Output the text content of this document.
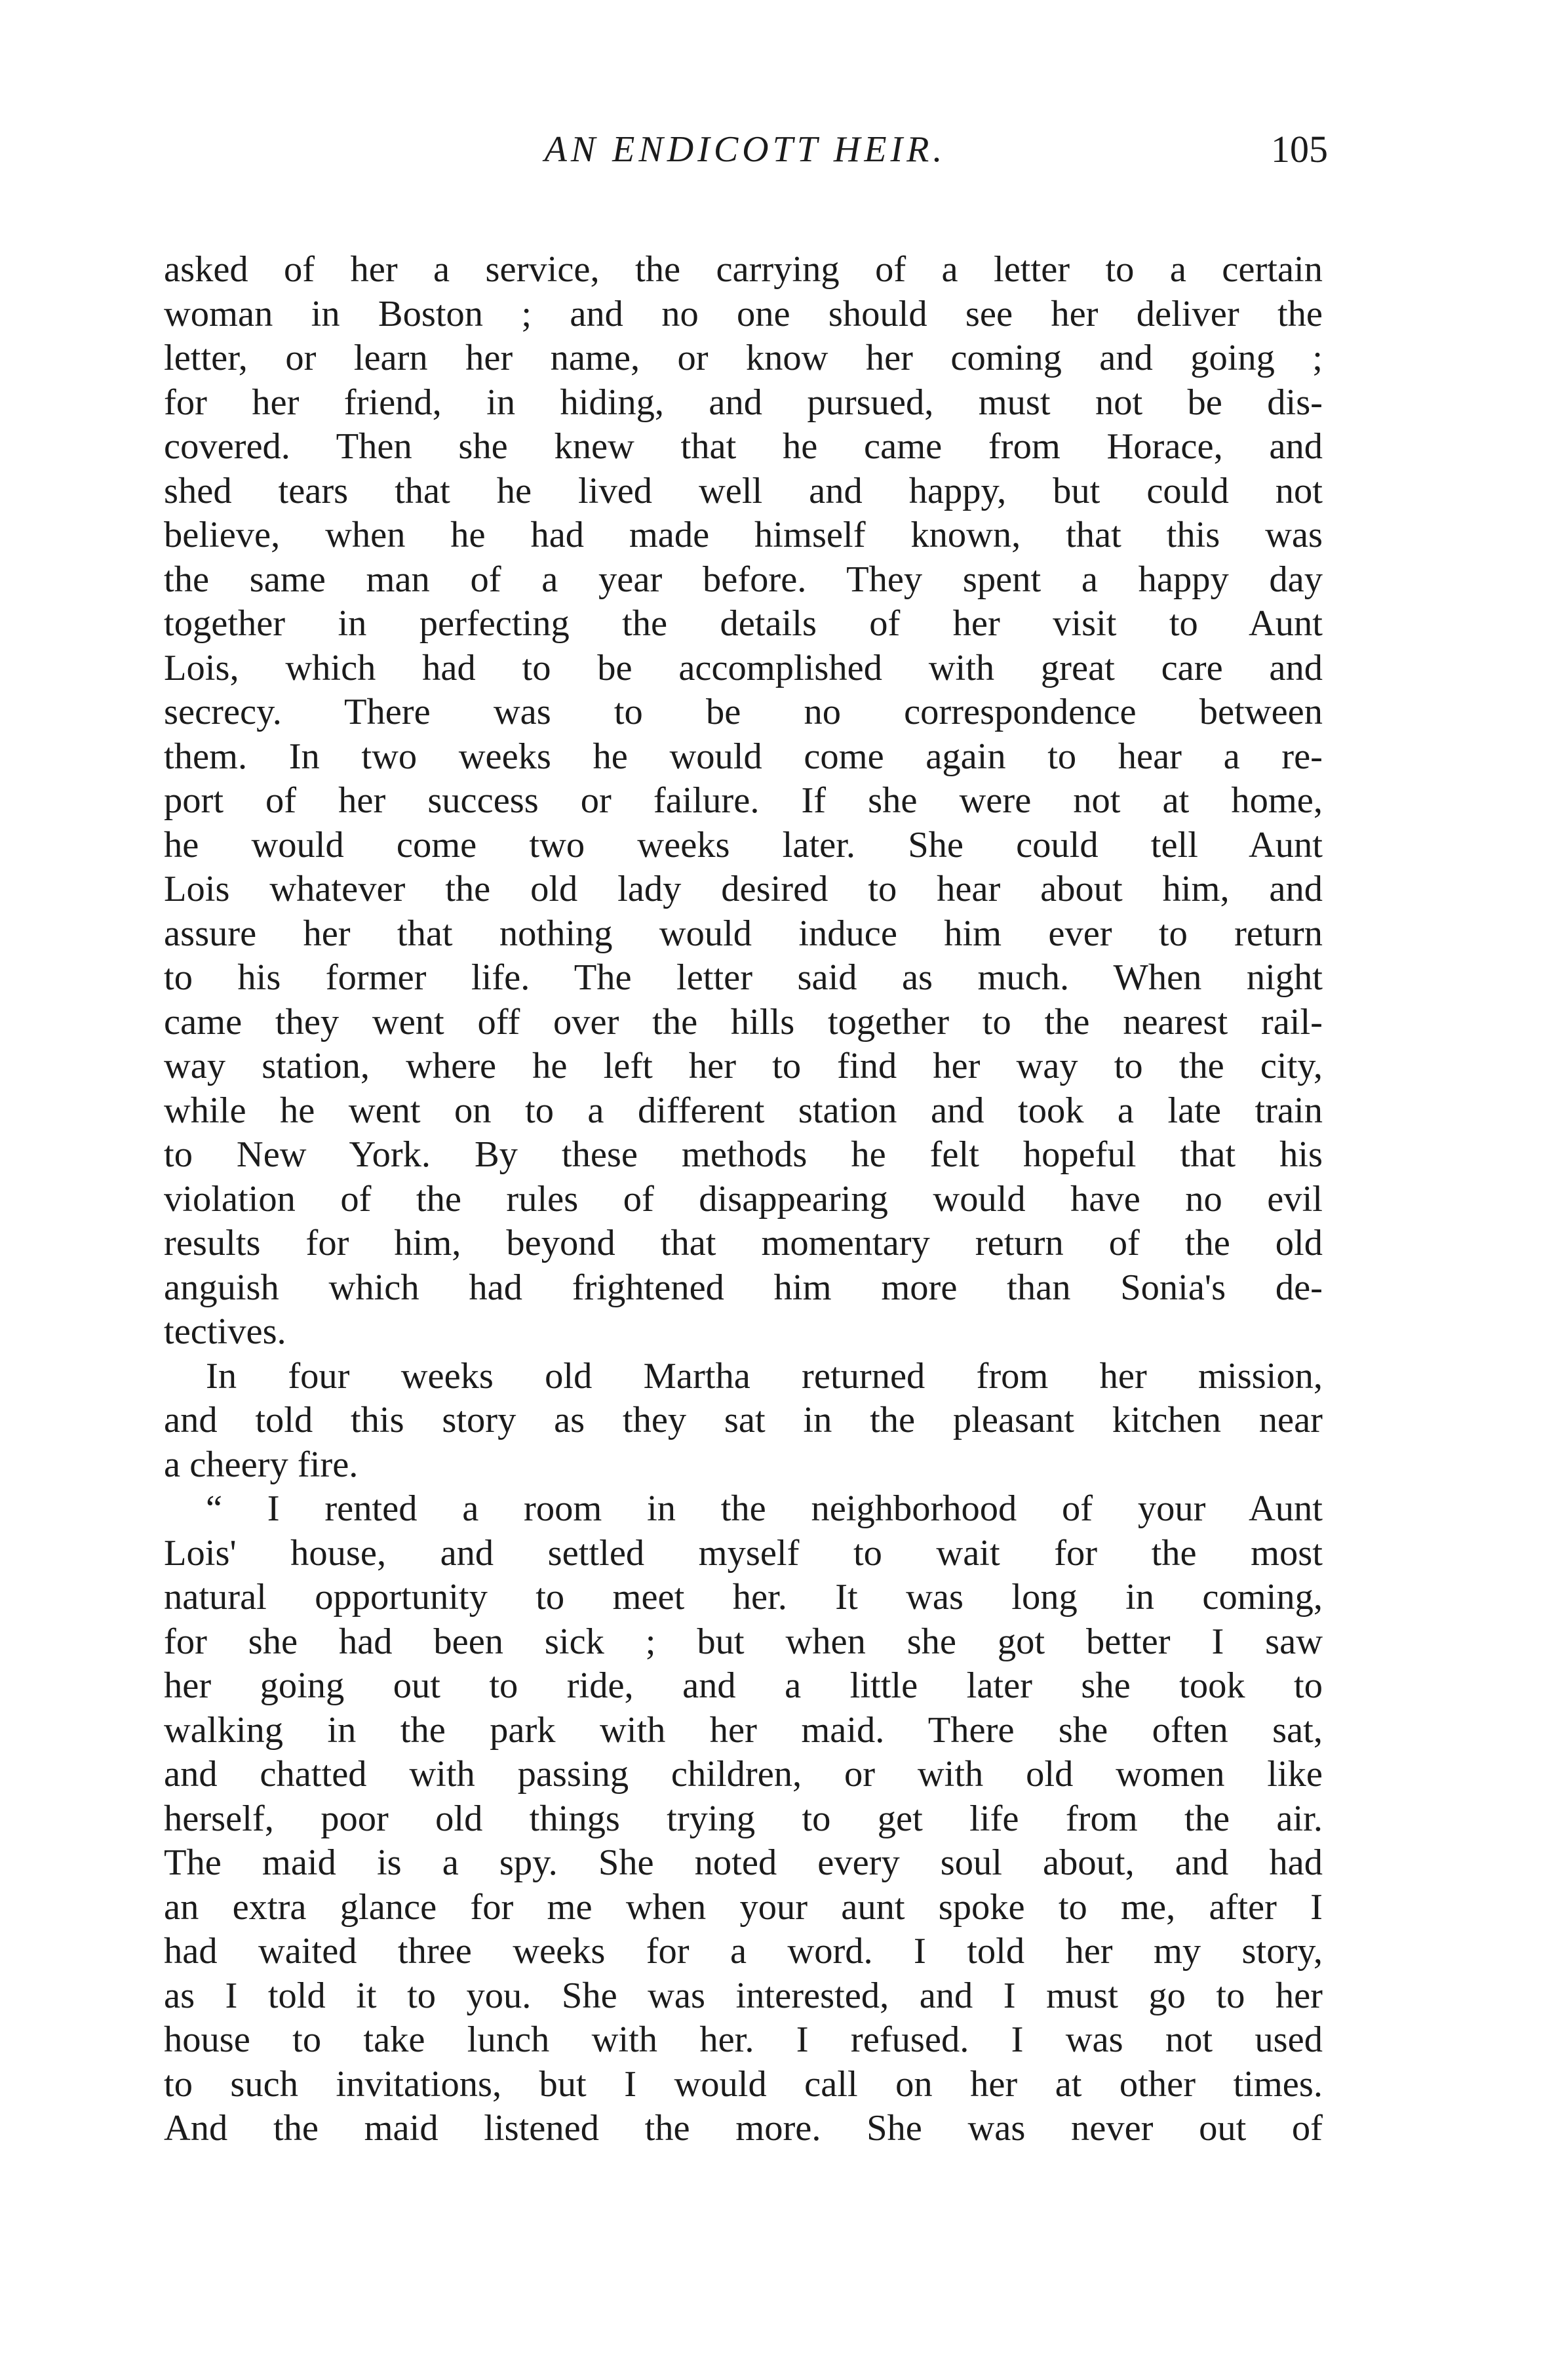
AN ENDICOTT HEIR.	105
asked of her a service, the carrying of a letter to a certain
woman in Boston ; and no one should see her deliver the
letter, or learn her name, or know her coming and going ;
for her friend, in hiding, and pursued, must not be dis-
covered. Then she knew that he came from Horace, and
shed tears that he lived well and happy, but could not
believe, when he had made himself known, that this was
the same man of a year before. They spent a happy day
together in perfecting the details of her visit to Aunt
Lois, which had to be accomplished with great care and
secrecy. There was to be no correspondence between
them. In two weeks he would come again to hear a re-
port of her success or failure. If she were not at home,
he would come two weeks later. She could tell Aunt
Lois whatever the old lady desired to hear about him, and
assure her that nothing would induce him ever to return
to his former life. The letter said as much. When night
came they went off over the hills together to the nearest rail-
way station, where he left her to find her way to the city,
while he went on to a different station and took a late train
to New York. By these methods he felt hopeful that his
violation of the rules of disappearing would have no evil
results for him, beyond that momentary return of the old
anguish which had frightened him more than Sonia's de-
tectives.
In four weeks old Martha returned from her mission,
and told this story as they sat in the pleasant kitchen near
a cheery fire.
“ I rented a room in the neighborhood of your Aunt
Lois' house, and settled myself to wait for the most
natural opportunity to meet her. It was long in coming,
for she had been sick ; but when she got better I saw
her going out to ride, and a little later she took to
walking in the park with her maid. There she often sat,
and chatted with passing children, or with old women like
herself, poor old things trying to get life from the air.
The maid is a spy. She noted every soul about, and had
an extra glance for me when your aunt spoke to me, after I
had waited three weeks for a word. I told her my story,
as I told it to you. She was interested, and I must go to her
house to take lunch with her. I refused. I was not used
to such invitations, but I would call on her at other times.
And the maid listened the more. She was never out of
